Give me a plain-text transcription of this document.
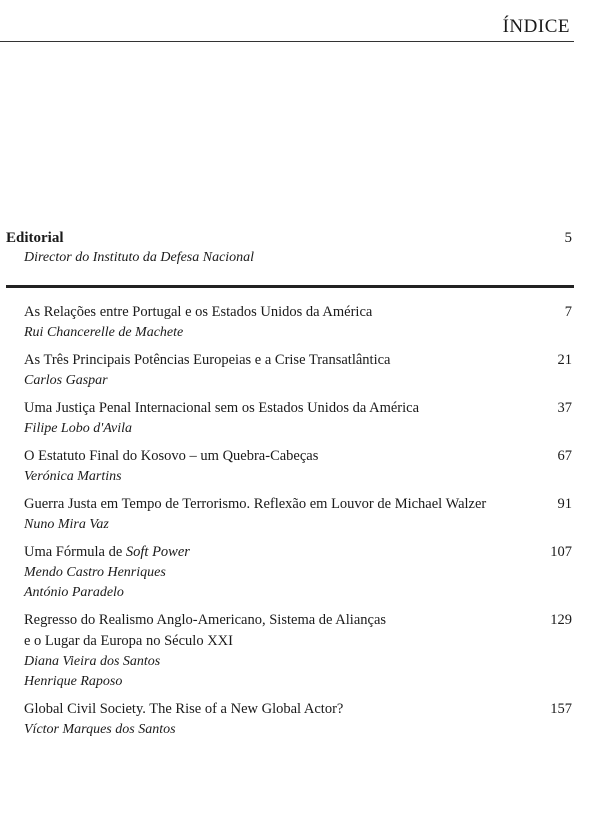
ÍNDICE
Editorial
Director do Instituto da Defesa Nacional
5
As Relações entre Portugal e os Estados Unidos da América
Rui Chancerelle de Machete
7
As Três Principais Potências Europeias e a Crise Transatlântica
Carlos Gaspar
21
Uma Justiça Penal Internacional sem os Estados Unidos da América
Filipe Lobo d'Avila
37
O Estatuto Final do Kosovo – um Quebra-Cabeças
Verónica Martins
67
Guerra Justa em Tempo de Terrorismo. Reflexão em Louvor de Michael Walzer
Nuno Mira Vaz
91
Uma Fórmula de Soft Power
Mendo Castro Henriques
António Paradelo
107
Regresso do Realismo Anglo-Americano, Sistema de Alianças
e o Lugar da Europa no Século XXI
Diana Vieira dos Santos
Henrique Raposo
129
Global Civil Society. The Rise of a New Global Actor?
Víctor Marques dos Santos
157
